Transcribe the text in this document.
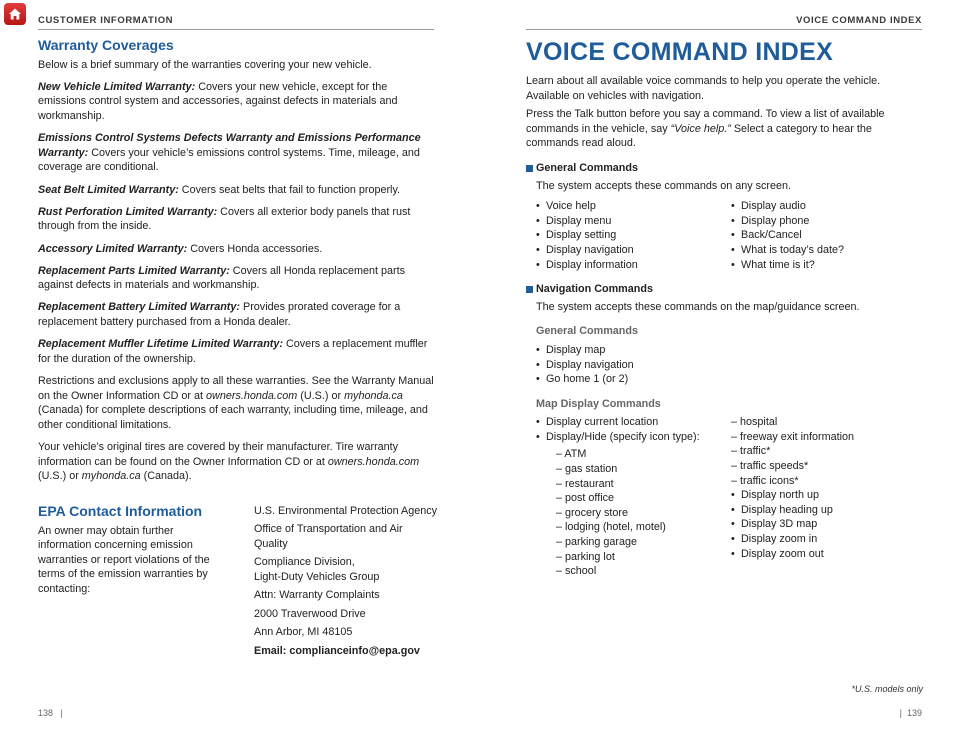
CUSTOMER INFORMATION	VOICE COMMAND INDEX
Warranty Coverages

Below is a brief summary of the warranties covering your new vehicle.

New Vehicle Limited Warranty: Covers your new vehicle, except for the emissions control system and accessories, against defects in materials and workmanship.

Emissions Control Systems Defects Warranty and Emissions Performance Warranty: Covers your vehicle’s emissions control systems. Time, mileage, and coverage are conditional.

Seat Belt Limited Warranty: Covers seat belts that fail to function properly.

Rust Perforation Limited Warranty: Covers all exterior body panels that rust through from the inside.

Accessory Limited Warranty: Covers Honda accessories.

Replacement Parts Limited Warranty: Covers all Honda replacement parts against defects in materials and workmanship.

Replacement Battery Limited Warranty: Provides prorated coverage for a replacement battery purchased from a Honda dealer.

Replacement Muffler Lifetime Limited Warranty: Covers a replacement muffler for the duration of the ownership.

Restrictions and exclusions apply to all these warranties. See the Warranty Manual on the Owner Information CD or at owners.honda.com (U.S.) or myhonda.ca (Canada) for complete descriptions of each warranty, including time, mileage, and other conditional limitations.

Your vehicle’s original tires are covered by their manufacturer. Tire warranty information can be found on the Owner Information CD or at owners.honda.com (U.S.) or myhonda.ca (Canada).

EPA Contact Information

An owner may obtain further information concerning emission warranties or report violations of the terms of the emission warranties by contacting:

U.S. Environmental Protection Agency
Office of Transportation and Air Quality
Compliance Division,
Light-Duty Vehicles Group
Attn: Warranty Complaints
2000 Traverwood Drive
Ann Arbor, MI 48105
Email: complianceinfo@epa.gov
138   |	|  139
VOICE COMMAND INDEX

Learn about all available voice commands to help you operate the vehicle. Available on vehicles with navigation.

Press the Talk button before you say a command. To view a list of available commands in the vehicle, say “Voice help.” Select a category to hear the commands read aloud.

General Commands
The system accepts these commands on any screen.
• Voice help
• Display menu
• Display setting
• Display navigation
• Display information
• Display audio
• Display phone
• Back/Cancel
• What is today’s date?
• What time is it?
Navigation Commands
The system accepts these commands on the map/guidance screen.
General Commands
• Display map
• Display navigation
• Go home 1 (or 2)
Map Display Commands
• Display current location
• Display/Hide (specify icon type):
– ATM
– gas station
– restaurant
– post office
– grocery store
– lodging (hotel, motel)
– parking garage
– parking lot
– school
– hospital
– freeway exit information
– traffic*
– traffic speeds*
– traffic icons*
• Display north up
• Display heading up
• Display 3D map
• Display zoom in
• Display zoom out
*U.S. models only
